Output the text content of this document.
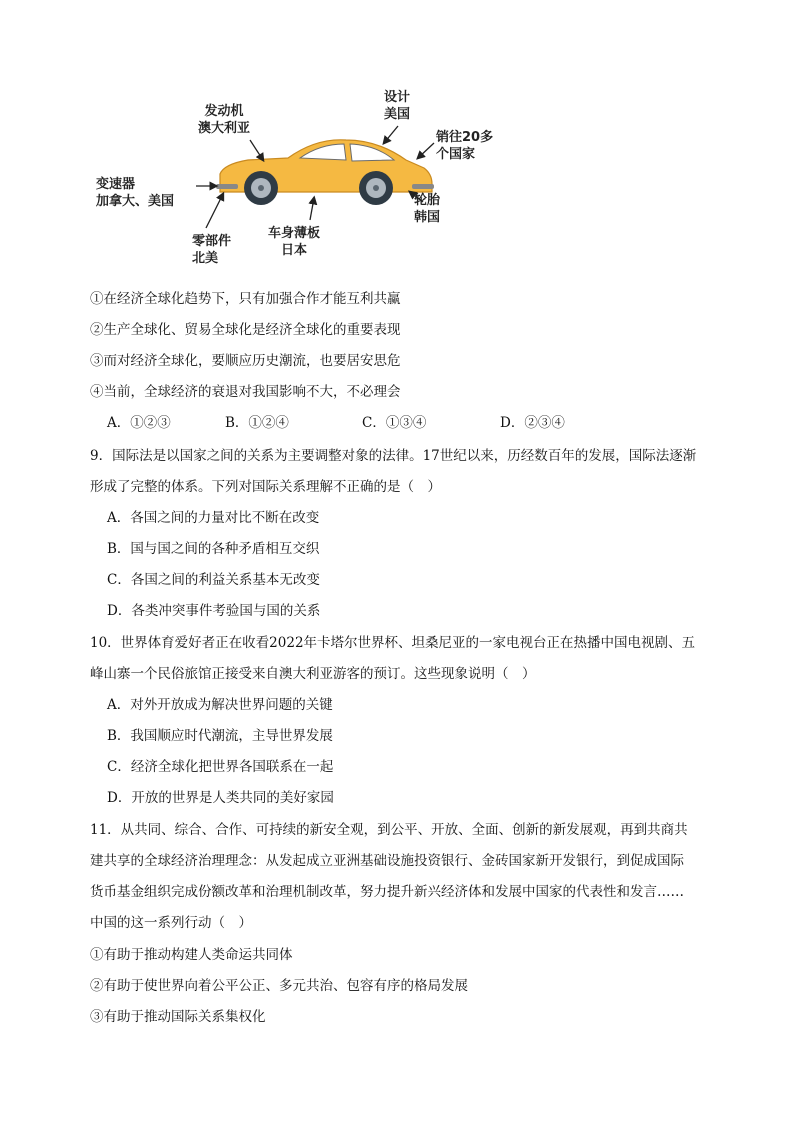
发动机
澳大利亚
设计
美国
销往20多
个国家
变速器
加拿大、美国	轮胎
韩国
零部件
北美
车身薄板
日本
①在经济全球化趋势下，只有加强合作才能互利共赢
②生产全球化、贸易全球化是经济全球化的重要表现
③而对经济全球化，要顺应历史潮流，也要居安思危
④当前，全球经济的衰退对我国影响不大，不必理会
A．①②③	B．①②④	C．①③④	D．②③④
9．国际法是以国家之间的关系为主要调整对象的法律。17世纪以来，历经数百年的发展，国际法逐渐
形成了完整的体系。下列对国际关系理解不正确的是（　）
A．各国之间的力量对比不断在改变
B．国与国之间的各种矛盾相互交织
C．各国之间的利益关系基本无改变
D．各类冲突事件考验国与国的关系
10．世界体育爱好者正在收看2022年卡塔尔世界杯、坦桑尼亚的一家电视台正在热播中国电视剧、五
峰山寨一个民俗旅馆正接受来自澳大利亚游客的预订。这些现象说明（　）
A．对外开放成为解决世界问题的关键
B．我国顺应时代潮流，主导世界发展
C．经济全球化把世界各国联系在一起
D．开放的世界是人类共同的美好家园
11．从共同、综合、合作、可持续的新安全观，到公平、开放、全面、创新的新发展观，再到共商共
建共享的全球经济治理理念：从发起成立亚洲基础设施投资银行、金砖国家新开发银行，到促成国际
货币基金组织完成份额改革和治理机制改革，努力提升新兴经济体和发展中国家的代表性和发言……
中国的这一系列行动（　）
①有助于推动构建人类命运共同体
②有助于使世界向着公平公正、多元共治、包容有序的格局发展
③有助于推动国际关系集权化
